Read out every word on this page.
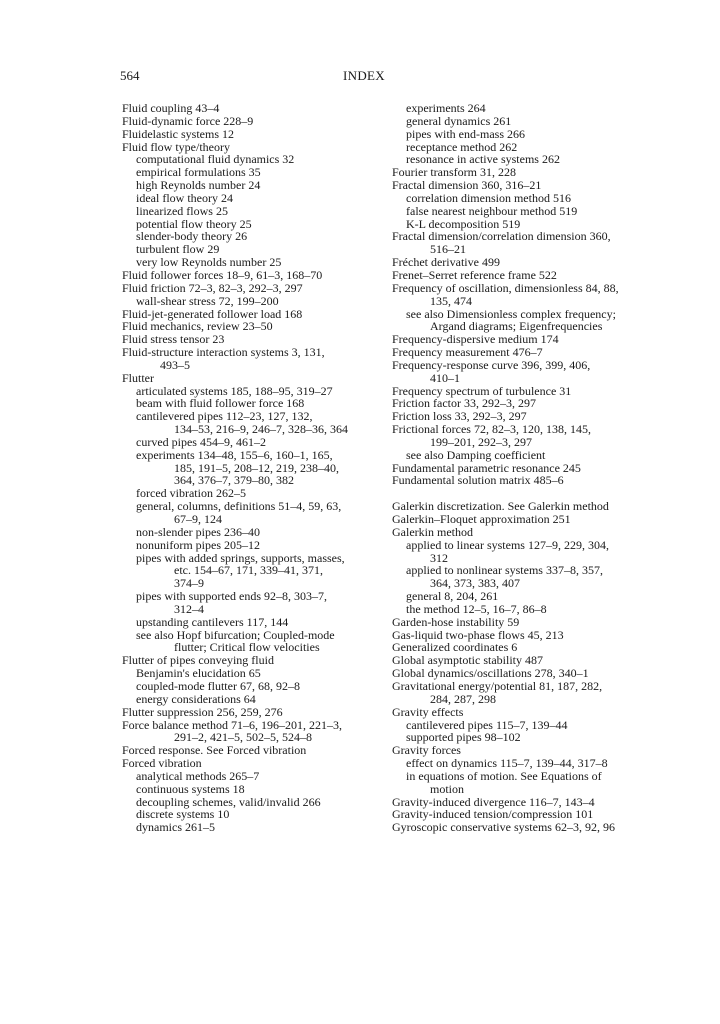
564	INDEX
Fluid coupling 43–4
Fluid-dynamic force 228–9
Fluidelastic systems 12
Fluid flow type/theory
computational fluid dynamics 32
empirical formulations 35
high Reynolds number 24
ideal flow theory 24
linearized flows 25
potential flow theory 25
slender-body theory 26
turbulent flow 29
very low Reynolds number 25
Fluid follower forces 18–9, 61–3, 168–70
Fluid friction 72–3, 82–3, 292–3, 297
wall-shear stress 72, 199–200
Fluid-jet-generated follower load 168
Fluid mechanics, review 23–50
Fluid stress tensor 23
Fluid-structure interaction systems 3, 131,
493–5
Flutter
articulated systems 185, 188–95, 319–27
beam with fluid follower force 168
cantilevered pipes 112–23, 127, 132,
134–53, 216–9, 246–7, 328–36, 364
curved pipes 454–9, 461–2
experiments 134–48, 155–6, 160–1, 165,
185, 191–5, 208–12, 219, 238–40,
364, 376–7, 379–80, 382
forced vibration 262–5
general, columns, definitions 51–4, 59, 63,
67–9, 124
non-slender pipes 236–40
nonuniform pipes 205–12
pipes with added springs, supports, masses,
etc. 154–67, 171, 339–41, 371,
374–9
pipes with supported ends 92–8, 303–7,
312–4
upstanding cantilevers 117, 144
see also Hopf bifurcation; Coupled-mode
flutter; Critical flow velocities
Flutter of pipes conveying fluid
Benjamin's elucidation 65
coupled-mode flutter 67, 68, 92–8
energy considerations 64
Flutter suppression 256, 259, 276
Force balance method 71–6, 196–201, 221–3,
291–2, 421–5, 502–5, 524–8
Forced response. See Forced vibration
Forced vibration
analytical methods 265–7
continuous systems 18
decoupling schemes, valid/invalid 266
discrete systems 10
dynamics 261–5
experiments 264
general dynamics 261
pipes with end-mass 266
receptance method 262
resonance in active systems 262
Fourier transform 31, 228
Fractal dimension 360, 316–21
correlation dimension method 516
false nearest neighbour method 519
K-L decomposition 519
Fractal dimension/correlation dimension 360,
516–21
Fréchet derivative 499
Frenet–Serret reference frame 522
Frequency of oscillation, dimensionless 84, 88,
135, 474
see also Dimensionless complex frequency;
Argand diagrams; Eigenfrequencies
Frequency-dispersive medium 174
Frequency measurement 476–7
Frequency-response curve 396, 399, 406,
410–1
Frequency spectrum of turbulence 31
Friction factor 33, 292–3, 297
Friction loss 33, 292–3, 297
Frictional forces 72, 82–3, 120, 138, 145,
199–201, 292–3, 297
see also Damping coefficient
Fundamental parametric resonance 245
Fundamental solution matrix 485–6
Galerkin discretization. See Galerkin method
Galerkin–Floquet approximation 251
Galerkin method
applied to linear systems 127–9, 229, 304,
312
applied to nonlinear systems 337–8, 357,
364, 373, 383, 407
general 8, 204, 261
the method 12–5, 16–7, 86–8
Garden-hose instability 59
Gas-liquid two-phase flows 45, 213
Generalized coordinates 6
Global asymptotic stability 487
Global dynamics/oscillations 278, 340–1
Gravitational energy/potential 81, 187, 282,
284, 287, 298
Gravity effects
cantilevered pipes 115–7, 139–44
supported pipes 98–102
Gravity forces
effect on dynamics 115–7, 139–44, 317–8
in equations of motion. See Equations of
motion
Gravity-induced divergence 116–7, 143–4
Gravity-induced tension/compression 101
Gyroscopic conservative systems 62–3, 92, 96
